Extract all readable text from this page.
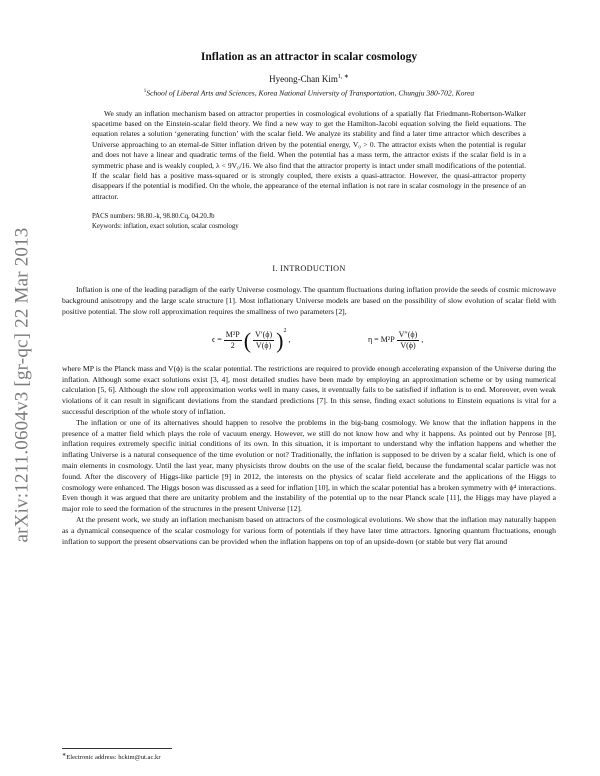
arXiv:1211.0604v3 [gr-qc] 22 Mar 2013
Inflation as an attractor in scalar cosmology
Hyeong-Chan Kim$^{1, ∗}$
$^1$School of Liberal Arts and Sciences, Korea National University of Transportation, Chungju 380-702, Korea

We study an inflation mechanism based on attractor properties in cosmological evolutions of a spatially flat Friedmann-Robertson-Walker spacetime based on the Einstein-scalar field theory. We find a new way to get the Hamilton-Jacobi equation solving the field equations. The equation relates a solution ‘generating function’ with the scalar field. We analyze its stability and find a later time attractor which describes a Universe approaching to an eternal-de Sitter inflation driven by the potential energy, V₀ > 0. The attractor exists when the potential is regular and does not have a linear and quadratic terms of the field. When the potential has a mass term, the attractor exists if the scalar field is in a symmetric phase and is weakly coupled, λ < 9V₀/16. We also find that the attractor property is intact under small modifications of the potential. If the scalar field has a positive mass-squared or is strongly coupled, there exists a quasi-attractor. However, the quasi-attractor property disappears if the potential is modified. On the whole, the appearance of the eternal inflation is not rare in scalar cosmology in the presence of an attractor.

PACS numbers: 98.80.-k, 98.80.Cq, 04.20.Jb
Keywords: inflation, exact solution, scalar cosmology
I. INTRODUCTION

Inflation is one of the leading paradigm of the early Universe cosmology. The quantum fluctuations during inflation provide the seeds of cosmic microwave background anisotropy and the large scale structure [1]. Most inflationary Universe models are based on the possibility of slow evolution of scalar field with positive potential. The slow roll approximation requires the smallness of two parameters [2],

$\epsilon = \frac{\text{M²P}}{2}$ ( $\frac{V'(\phi)}{V(\phi)} )^2$
,	$\eta = M^2P \frac{V''(\phi)}{V(\phi)}$ ,

where MP is the Planck mass and V(ϕ) is the scalar potential. The restrictions are required to provide enough accelerating expansion of the Universe during the inflation. Although some exact solutions exist [3, 4], most detailed studies have been made by employing an approximation scheme or by using numerical calculation [5, 6]. Although the slow roll approximation works well in many cases, it eventually fails to be satisfied if inflation is to end. Moreover, even weak violations of it can result in significant deviations from the standard predictions [7]. In this sense, finding exact solutions to Einstein equations is vital for a successful description of the whole story of inflation.

The inflation or one of its alternatives should happen to resolve the problems in the big-bang cosmology. We know that the inflation happens in the presence of a matter field which plays the role of vacuum energy. However, we still do not know how and why it happens. As pointed out by Penrose [8], inflation requires extremely specific initial conditions of its own. In this situation, it is important to understand why the inflation happens and whether the inflating Universe is a natural consequence of the time evolution or not? Traditionally, the inflation is supposed to be driven by a scalar field, which is one of main elements in cosmology. Until the last year, many physicists throw doubts on the use of the scalar field, because the fundamental scalar particle was not found. After the discovery of Higgs-like particle [9] in 2012, the interests on the physics of scalar field accelerate and the applications of the Higgs to cosmology were enhanced. The Higgs boson was discussed as a seed for inflation [10], in which the scalar potential has a broken symmetry with ϕ⁴ interactions. Even though it was argued that there are unitarity problem and the instability of the potential up to the near Planck scale [11], the Higgs may have played a major role to seed the formation of the structures in the present Universe [12].

At the present work, we study an inflation mechanism based on attractors of the cosmological evolutions. We show that the inflation may naturally happen as a dynamical consequence of the scalar cosmology for various form of potentials if they have later time attractors. Ignoring quantum fluctuations, enough inflation to support the present observations can be provided when the inflation happens on top of an upside-down (or stable but very flat around

∗Electronic address: hckim@ut.ac.kr
